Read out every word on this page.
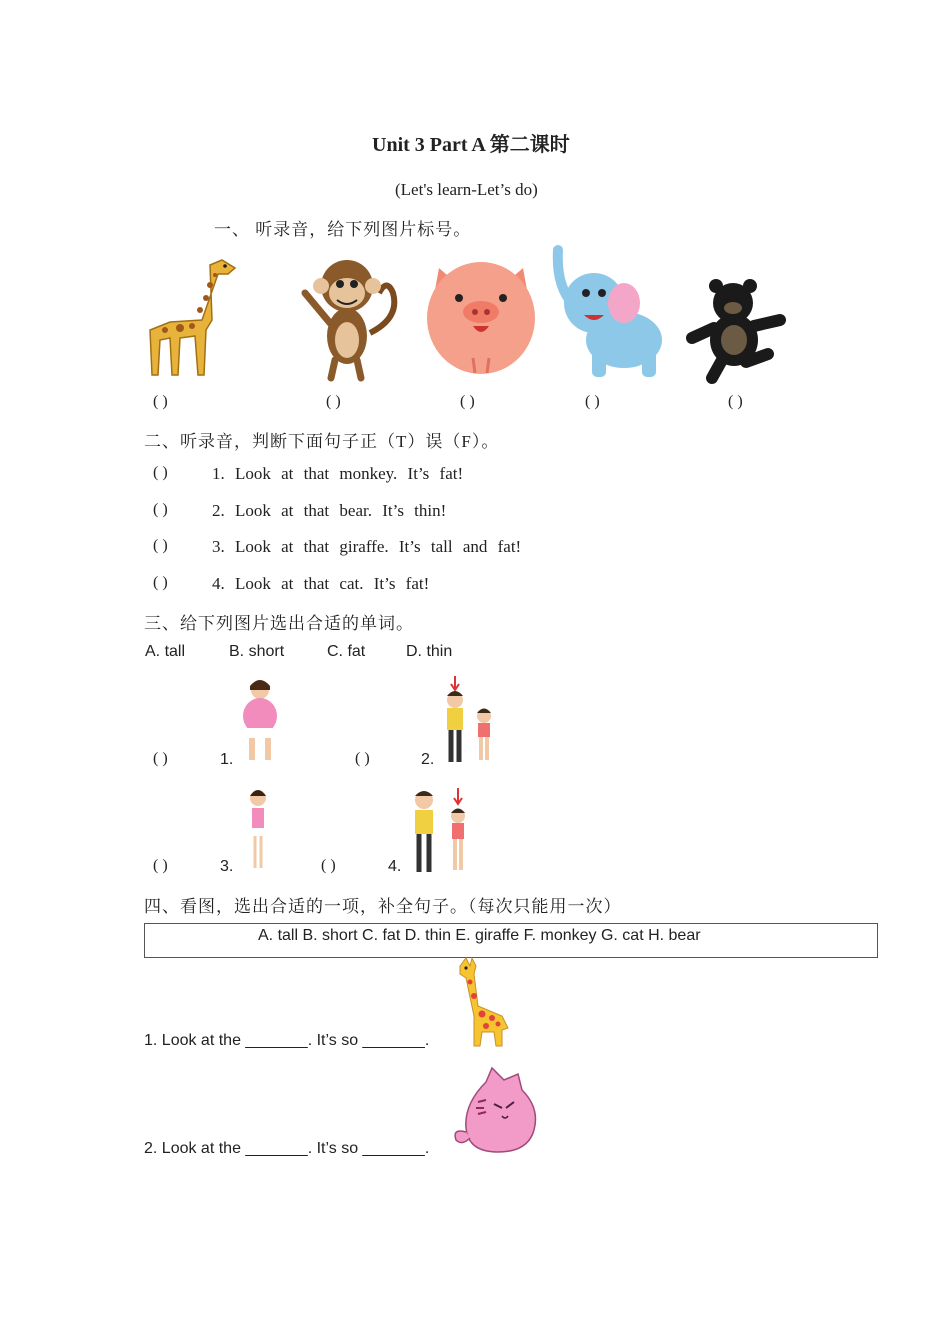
Unit 3 Part A 第二课时
(Let's learn-Let’s do)
一、 听录音，给下列图片标号。
( )	( )	( )	( )	( )
二、听录音，判断下面句子正（T）误（F）。
( )	1. Look at that monkey. It’s fat!
( )	2. Look at that bear. It’s thin!
( )	3. Look at that giraffe. It’s tall and fat!
( )	4. Look at that cat. It’s fat!
三、给下列图片选出合适的单词。
A. tall	B. short	C. fat	D. thin
( )	1.	( )	2.
( )	3.	( )	4.
四、看图，选出合适的一项，补全句子。（每次只能用一次）
A. tall B. short C. fat D. thin E. giraffe F. monkey G. cat H. bear
1. Look at the _______. It’s so _______.
2. Look at the _______. It’s so _______.
